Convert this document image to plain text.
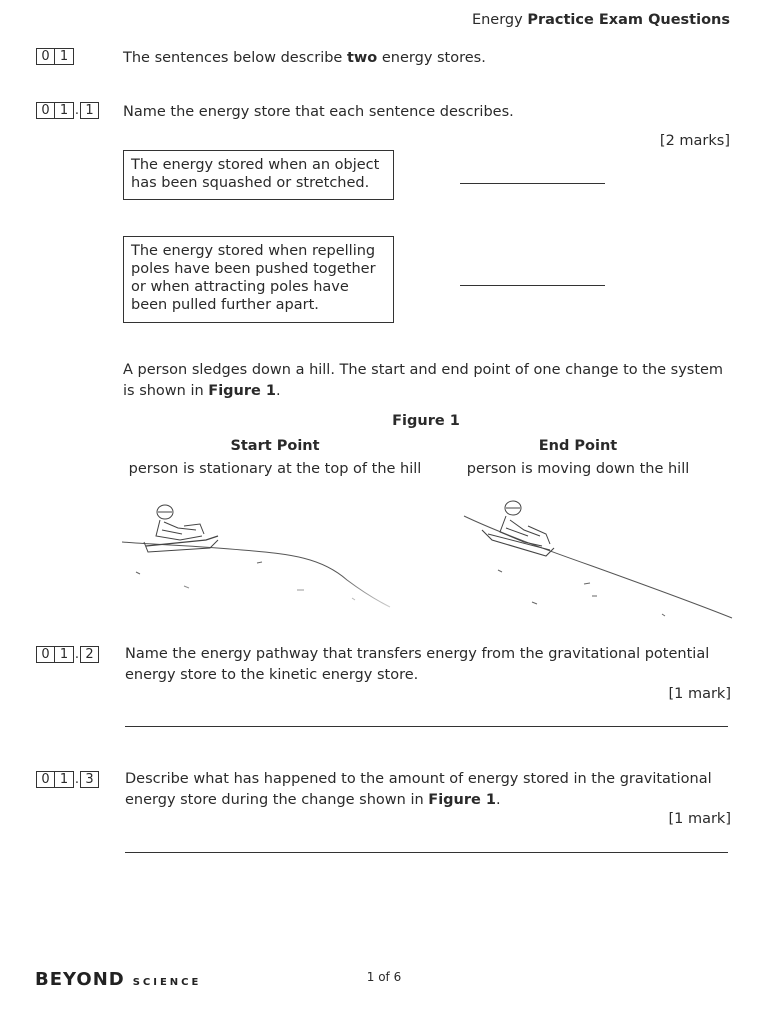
Energy Practice Exam Questions
0 1	The sentences below describe two energy stores.
0 1 . 1	Name the energy store that each sentence describes.
[2 marks]
The energy stored when an object has been squashed or stretched.
The energy stored when repelling poles have been pushed together or when attracting poles have been pulled further apart.
A person sledges down a hill. The start and end point of one change to the system is shown in Figure 1.
Figure 1
Start Point
person is stationary at the top of the hill
End Point
person is moving down the hill
0 1 . 2	Name the energy pathway that transfers energy from the gravitational potential energy store to the kinetic energy store.
[1 mark]
0 1 . 3	Describe what has happened to the amount of energy stored in the gravitational energy store during the change shown in Figure 1.
[1 mark]
BEYOND SCIENCE	1 of 6
